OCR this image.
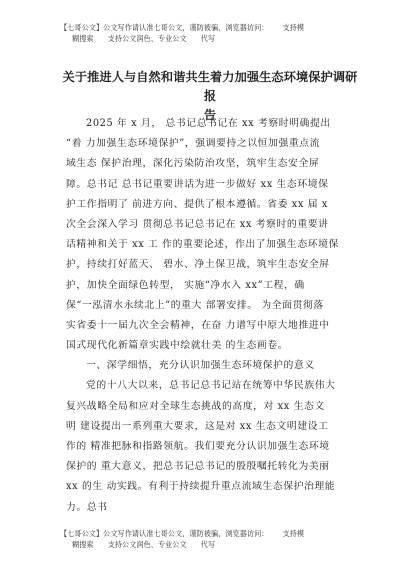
【七哥公文】公文写作请认准七哥公文，谨防被骗，浏览器访问： 支持模
糊搜索 支持公文润色、专业公文 代写
关于推进人与自然和谐共生着力加强生态环境保护调研报
告
2025 年 x 月， 总书记总书记在 xx 考察时明确提出
“着 力加强生态环境保护”，强调要持之以恒加强重点流
域生态 保护治理，深化污染防治攻坚，筑牢生态安全屏
障。总书记 总书记重要讲话为进一步做好 xx 生态环境保
护工作指明了 前进方向、提供了根本遵循。省委 xx 届 x
次全会深入学习 贯彻总书记总书记在 xx 考察时的重要讲
话精神和关于 xx 工 作的重要论述，作出了加强生态环境保
护，持续打好蓝天、 碧水、净土保卫战，筑牢生态安全屏
护，加快全面绿色转型， 实施“净水入 xx”工程，确
保“一泓清水永续北上”的重大 部署安排。 为全面贯彻落
实省委十一届九次全会精神，在奋 力谱写中原大地推进中
国式现代化新篇章实践中绘就壮美 的生态画卷。
一、深学细悟，充分认识加强生态环境保护的意义
党的十八大以来，总书记总书记站在统筹中华民族伟大
复兴战略全局和应对全球生态挑战的高度，对 xx 生态文
明 建设提出一系列重大要求，这是对 xx 生态文明建设工
作的 精准把脉和指路领航。我们要充分认识加强生态环境
保护的 重大意义，把总书记总书记的殷殷嘱托转化为美丽
xx 的生 动实践。有利于持续提升重点流域生态保护治理能
力。总书
【七哥公文】公文写作请认准七哥公文，谨防被骗，浏览器访问： 支持模
糊搜索 支持公文润色、专业公文 代写
